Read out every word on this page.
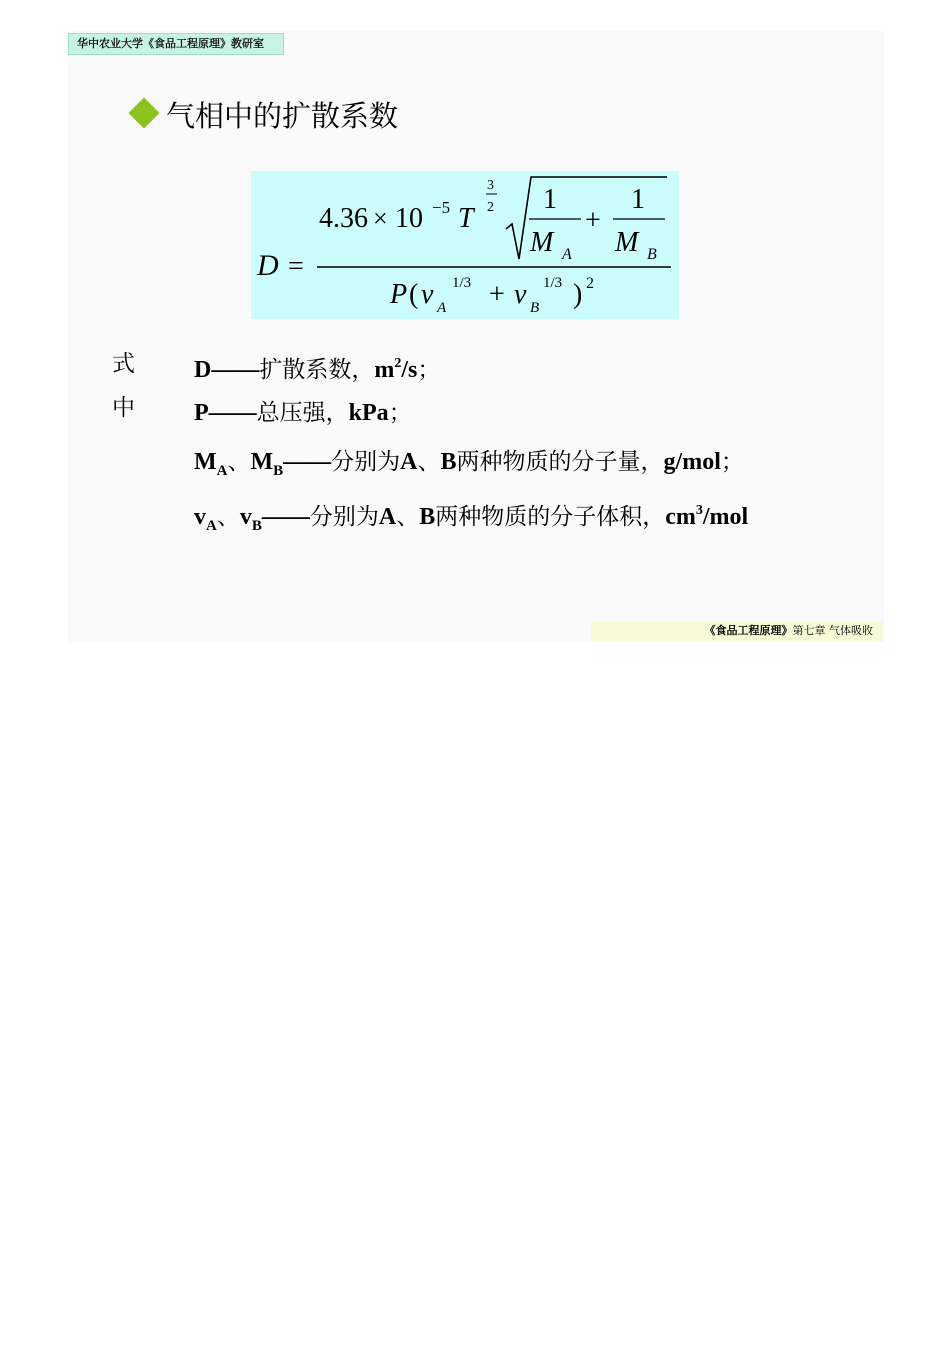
华中农业大学《食品工程原理》教研室
气相中的扩散系数
D =
4.36 × 10 −5 T
3
2 1
M A
+
1
M B
P ( v A
1/3 + v B
1/3 ) 2
式中
D——扩散系数，$m^2/s$；
P——总压强，kPa；
$M_A$、$M_B——$分别为A、B两种物质的分子量，g/mol；
$v_A$、$v_B——$分别为A、B两种物质的分子体积，$cm^3$/mol
《食品工程原理》第七章 气体吸收
